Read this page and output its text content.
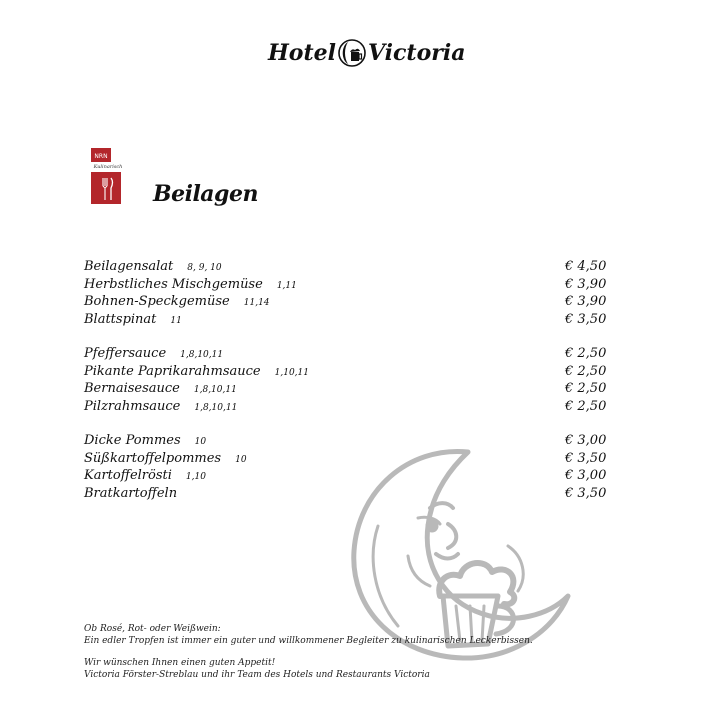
Hotel Victoria
NRN
Kulinarisch
Beilagen
Beilagensalat 8, 9, 10	€ 4,50
Herbstliches Mischgemüse 1,11	€ 3,90
Bohnen-Speckgemüse 11,14	€ 3,90
Blattspinat 11	€ 3,50
Pfeffersauce 1,8,10,11	€ 2,50
Pikante Paprikarahmsauce 1,10,11	€ 2,50
Bernaisesauce 1,8,10,11	€ 2,50
Pilzrahmsauce 1,8,10,11	€ 2,50
Dicke Pommes 10	€ 3,00
Süßkartoffelpommes 10	€ 3,50
Kartoffelrösti 1,10	€ 3,00
Bratkartoffeln	€ 3,50

Ob Rosé, Rot- oder Weißwein:

Ein edler Tropfen ist immer ein guter und willkommener Begleiter zu kulinarischen Leckerbissen.

Wir wünschen Ihnen einen guten Appetit!

Victoria Förster-Streblau und ihr Team des Hotels und Restaurants Victoria
